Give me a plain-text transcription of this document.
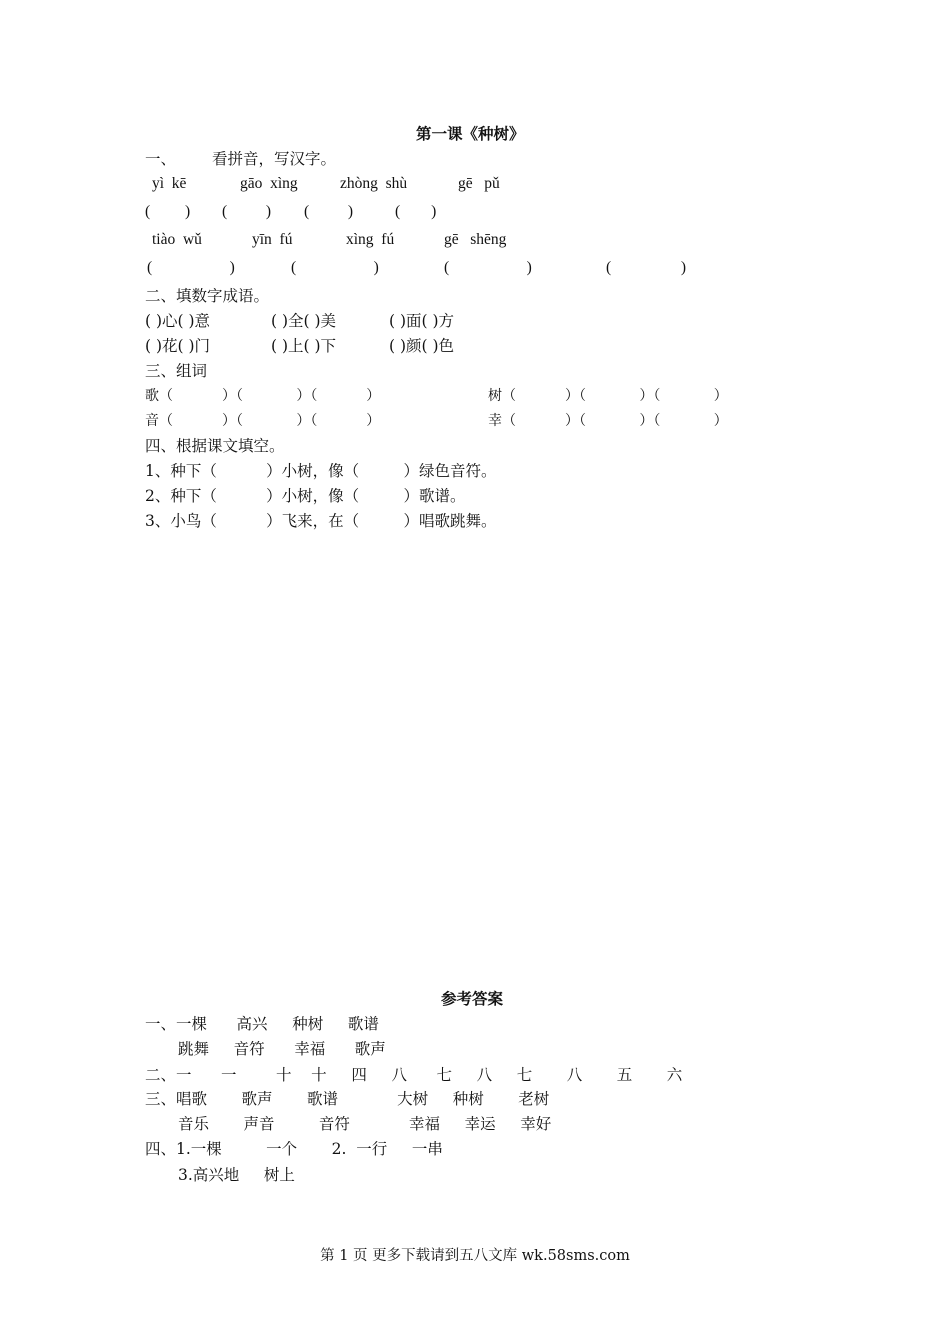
第一课《种树》
一、 看拼音，写汉字。
yì  kē	gāo  xìng	zhòng  shù	gē   pǔ
(         ) (          ) (          )	(        )
tiào  wǔ	yīn  fú	xìng  fú	gē   shēng
(                    )	(                    )	(                    )	(                  )
二、填数字成语。
( )心( )意	( )全( )美	( )面( )方
( )花( )门	( )上( )下	( )颜( )色
三、组词
歌（           ）（            ）（           ）	树（           ）（            ）（            ）
音（           ）（            ）（           ）	幸（           ）（            ）（            ）
四、根据课文填空。
1、种下（          ）小树，像（         ）绿色音符。
2、种下（          ）小树，像（         ）歌谱。
3、小鸟（          ）飞来，在（         ）唱歌跳舞。
参考答案
一、一棵      高兴     种树     歌谱
跳舞     音符      幸福      歌声
二、一      一        十    十     四     八      七     八     七       八       五       六
三、唱歌       歌声       歌谱            大树     种树       老树
音乐       声音         音符            幸福     幸运     幸好
四、1.一棵         一个       2.  一行     一串
3.高兴地     树上
第 1 页 更多下载请到五八文库 wk.58sms.com
